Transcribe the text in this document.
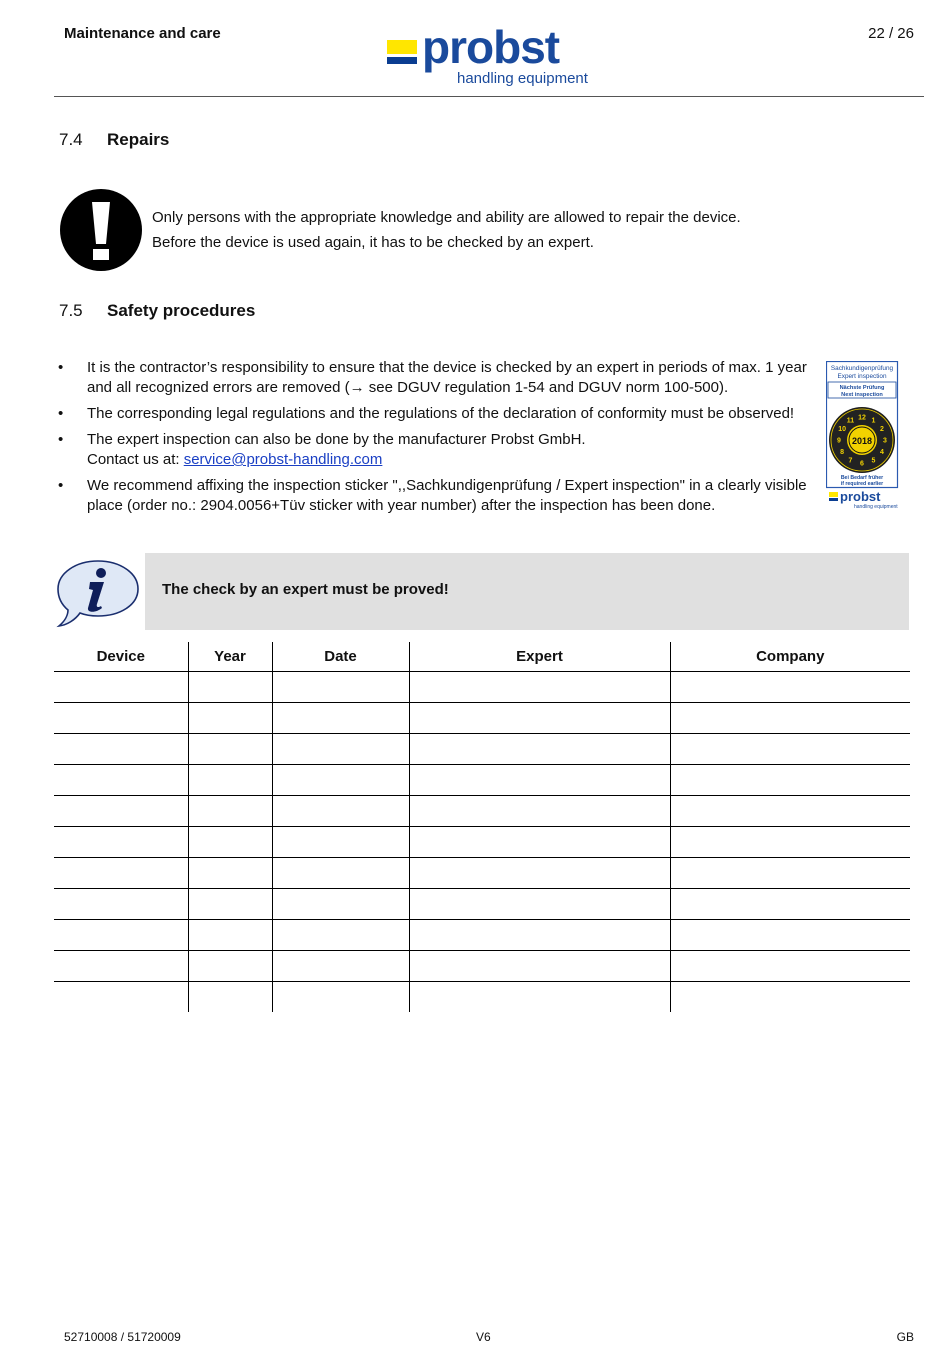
Maintenance and care	22 / 26
probst
handling equipment
7.4 Repairs
Only persons with the appropriate knowledge and ability are allowed to repair the device.
Before the device is used again, it has to be checked by an expert.
7.5 Safety procedures
• It is the contractor’s responsibility to ensure that the device is checked by an expert in periods of max. 1 year and all recognized errors are removed (→ see DGUV regulation 1-54 and DGUV norm 100-500).
• The corresponding legal regulations and the regulations of the declaration of conformity must be observed!
• The expert inspection can also be done by the manufacturer Probst GmbH.
Contact us at: service@probst-handling.com
• We recommend affixing the inspection sticker ",,Sachkundigenprüfung / Expert inspection" in a clearly visible place (order no.: 2904.0056+Tüv sticker with year number) after the inspection has been done.
Sachkundigenprüfung
Expert inspection
Nächste Prüfung
Next inspection
1
2
3
4
5
6
7
8
9
10
11 12
2018
Bei Bedarf früher
if required earlier
probst
handling equipment
The check by an expert must be proved!
Device	Year	Date	Expert	Company

52710008 / 51720009	V6	GB
